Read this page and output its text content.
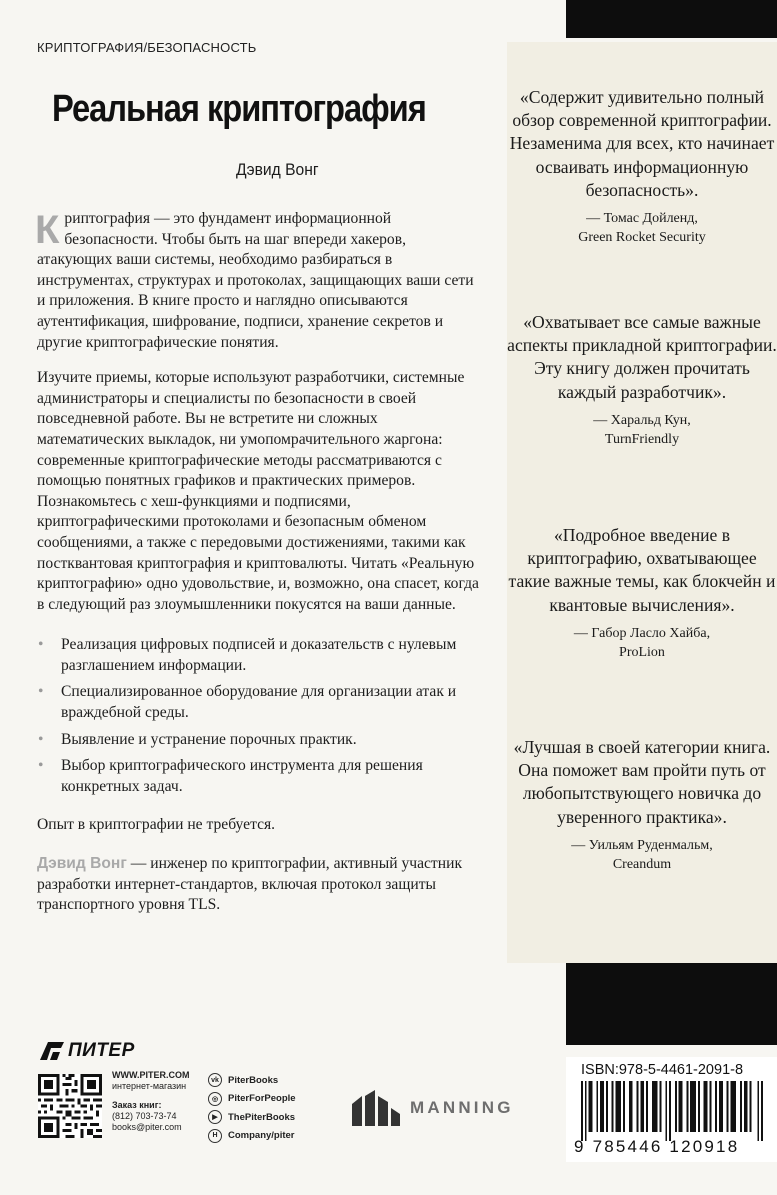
КРИПТОГРАФИЯ/БЕЗОПАСНОСТЬ
Реальная криптография
Дэвид Вонг

Криптография — это фундамент информационной безопасности. Чтобы быть на шаг впереди хакеров, атакующих ваши системы, необходимо разбираться в инструментах, структурах и протоколах, защищающих ваши сети и приложения. В книге просто и наглядно описываются аутентификация, шифрование, подписи, хранение секретов и другие криптографические понятия.

Изучите приемы, которые используют разработчики, системные администраторы и специалисты по безопасности в своей повседневной работе. Вы не встретите ни сложных математических выкладок, ни умопомрачительного жаргона: современные криптографические методы рассматриваются с помощью понятных графиков и практических примеров. Познакомьтесь с хеш-функциями и подписями, криптографическими протоколами и безопасным обменом сообщениями, а также с передовыми достижениями, такими как постквантовая криптография и криптовалюты. Читать «Реальную криптографию» одно удовольствие, и, возможно, она спасет, когда в следующий раз злоумышленники покусятся на ваши данные.

• Реализация цифровых подписей и доказательств с нулевым разглашением информации.
• Специализированное оборудование для организации атак и враждебной среды.
• Выявление и устранение порочных практик.
• Выбор криптографического инструмента для решения конкретных задач.

Опыт в криптографии не требуется.

Дэвид Вонг — инженер по криптографии, активный участник разработки интернет-стандартов, включая протокол защиты транспортного уровня TLS.

«Содержит удивительно полный обзор современной криптографии. Незаменима для всех, кто начинает осваивать информационную безопасность».
— Томас Дойленд,
Green Rocket Security
«Охватывает все самые важные аспекты прикладной криптографии. Эту книгу должен прочитать каждый разработчик».
— Харальд Кун,
TurnFriendly
«Подробное введение в криптографию, охватывающее такие важные темы, как блокчейн и квантовые вычисления».
— Габор Ласло Хайба,
ProLion
«Лучшая в своей категории книга. Она поможет вам пройти путь от любопытствующего новичка до уверенного практика».
— Уильям Руденмальм,
Creandum
ПИТЕР
WWW.PITER.COM
интернет-магазин
Заказ книг:
(812) 703-73-74
books@piter.com
vk PiterBooks
◎	PiterForPeople
▶	ThePiterBooks
H	Company/piter
MANNING
ISBN:978-5-4461-2091-8
9 785446 120918
